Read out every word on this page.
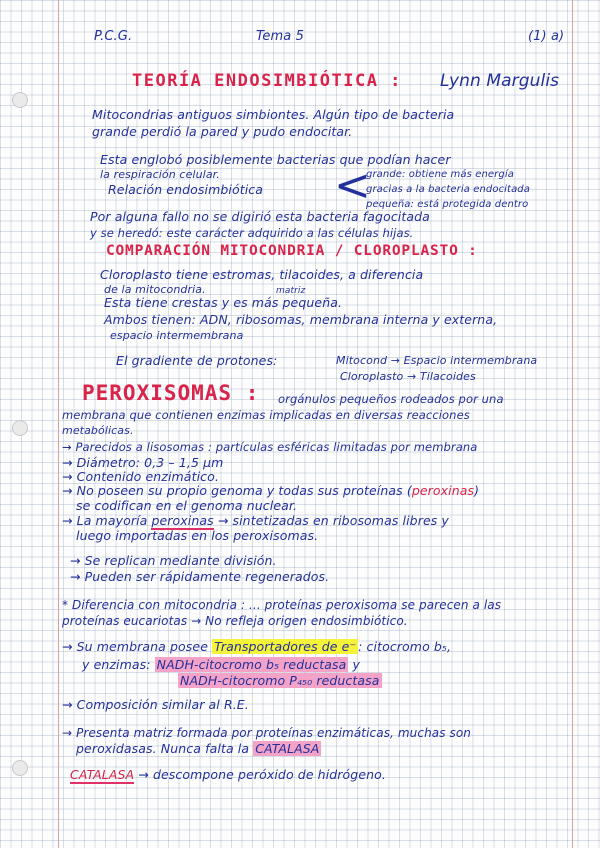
P.C.G.	Tema 5	(1) a)
TEORÍA ENDOSIMBIÓTICA : Lynn Margulis
Mitocondrias antiguos simbiontes. Algún tipo de bacteria
grande perdió la pared y pudo endocitar.
Esta englobó posiblemente bacterias que podían hacer
la respiración celular.
Relación endosimbiótica <
grande: obtiene más energía
gracias a la bacteria endocitada
pequeña: está protegida dentro
Por alguna fallo no se digirió esta bacteria fagocitada
y se heredó: este carácter adquirido a las células hijas.
COMPARACIÓN MITOCONDRIA / CLOROPLASTO :
Cloroplasto tiene estromas, tilacoides, a diferencia
de la mitocondria.	matriz
Esta tiene crestas y es más pequeña.
Ambos tienen: ADN, ribosomas, membrana interna y externa,
espacio intermembrana
El gradiente de protones:	Mitocond → Espacio intermembrana
Cloroplasto → Tilacoides
PEROXISOMAS : orgánulos pequeños rodeados por una
membrana que contienen enzimas implicadas en diversas reacciones
metabólicas.
→ Parecidos a lisosomas : partículas esféricas limitadas por membrana
→ Diámetro: 0,3 – 1,5 μm
→ Contenido enzimático.
→ No poseen su propio genoma y todas sus proteínas (peroxinas)
se codifican en el genoma nuclear.
→ La mayoría peroxinas → sintetizadas en ribosomas libres y
luego importadas en los peroxisomas.
→ Se replican mediante división.
→ Pueden ser rápidamente regenerados.
* Diferencia con mitocondria : ... proteínas peroxisoma se parecen a las
proteínas eucariotas → No refleja origen endosimbiótico.
→ Su membrana posee Transportadores de e⁻ : citocromo b₅,
y enzimas: NADH-citocromo b₅ reductasa y
NADH-citocromo P₄₅₀ reductasa
→ Composición similar al R.E.
→ Presenta matriz formada por proteínas enzimáticas, muchas son
peroxidasas. Nunca falta la CATALASA
CATALASA → descompone peróxido de hidrógeno.
